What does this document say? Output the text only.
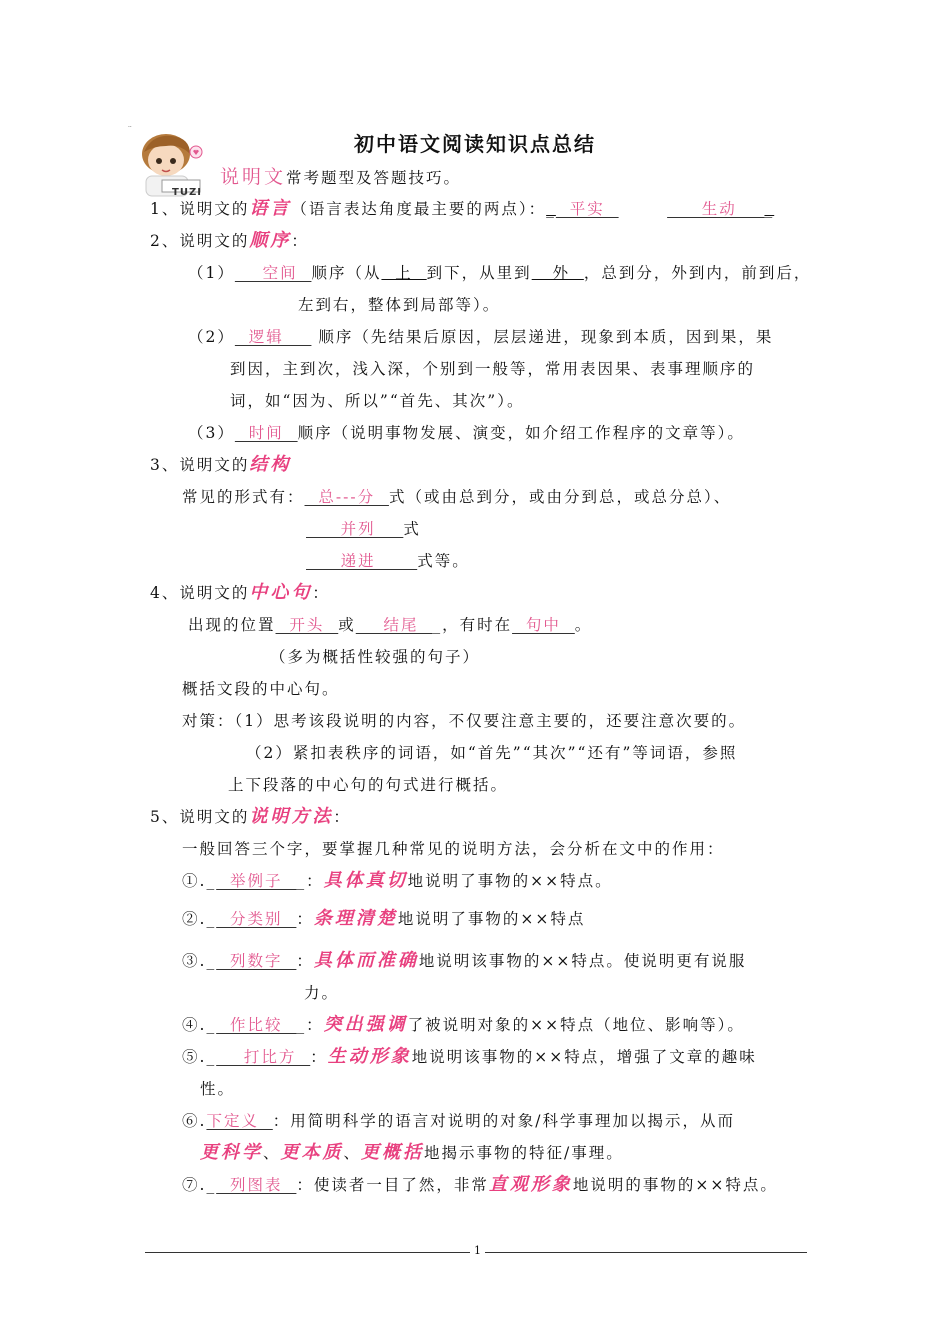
··
TUZI
初中语文阅读知识点总结
说明文常考题型及答题技巧。
1、说明文的语言（语言表达角度最主要的两点）：_  平实	生动    _
2、说明文的顺序：
（1）    空间  顺序（从  上  到下，从里到   外  ，总到分，外到内，前到后，
左到右，整体到局部等）。
（2）  逻辑     顺序（先结果后原因，层层递进，现象到本质，因到果，果
到因，主到次，浅入深，个别到一般等，常用表因果、表事理顺序的
词，如“因为、所以”“首先、其次”）。
（3）  时间  顺序（说明事物发展、演变，如介绍工作程序的文章等）。
3、说明文的结构
常见的形式有：  总---分  式（或由总到分，或由分到总，或总分总）、
并列    式
递进      式等。
4、说明文的中心句：
出现的位置  开头  或    结尾  _，有时在  句中  。
（多为概括性较强的句子）
概括文段的中心句。
对策：（1）思考该段说明的内容，不仅要注意主要的，还要注意次要的。
（2）紧扣表秩序的词语，如“首先”“其次”“还有”等词语，参照
上下段落的中心句的句式进行概括。
5、说明文的说明方法：
一般回答三个字，要掌握几种常见的说明方法，会分析在文中的作用：
①._  举例子  _：具体真切地说明了事物的××特点。
②._  分类别  ：条理清楚地说明了事物的××特点
③._  列数字  ：具体而准确地说明该事物的××特点。使说明更有说服
力。
④._  作比较  _：突出强调了被说明对象的××特点（地位、影响等）。
⑤._    打比方  ：生动形象地说明该事物的××特点，增强了文章的趣味
性。
⑥.下定义  ：用简明科学的语言对说明的对象/科学事理加以揭示，从而
更科学、更本质、更概括地揭示事物的特征/事理。
⑦._  列图表  ：使读者一目了然，非常直观形象地说明的事物的××特点。
1
